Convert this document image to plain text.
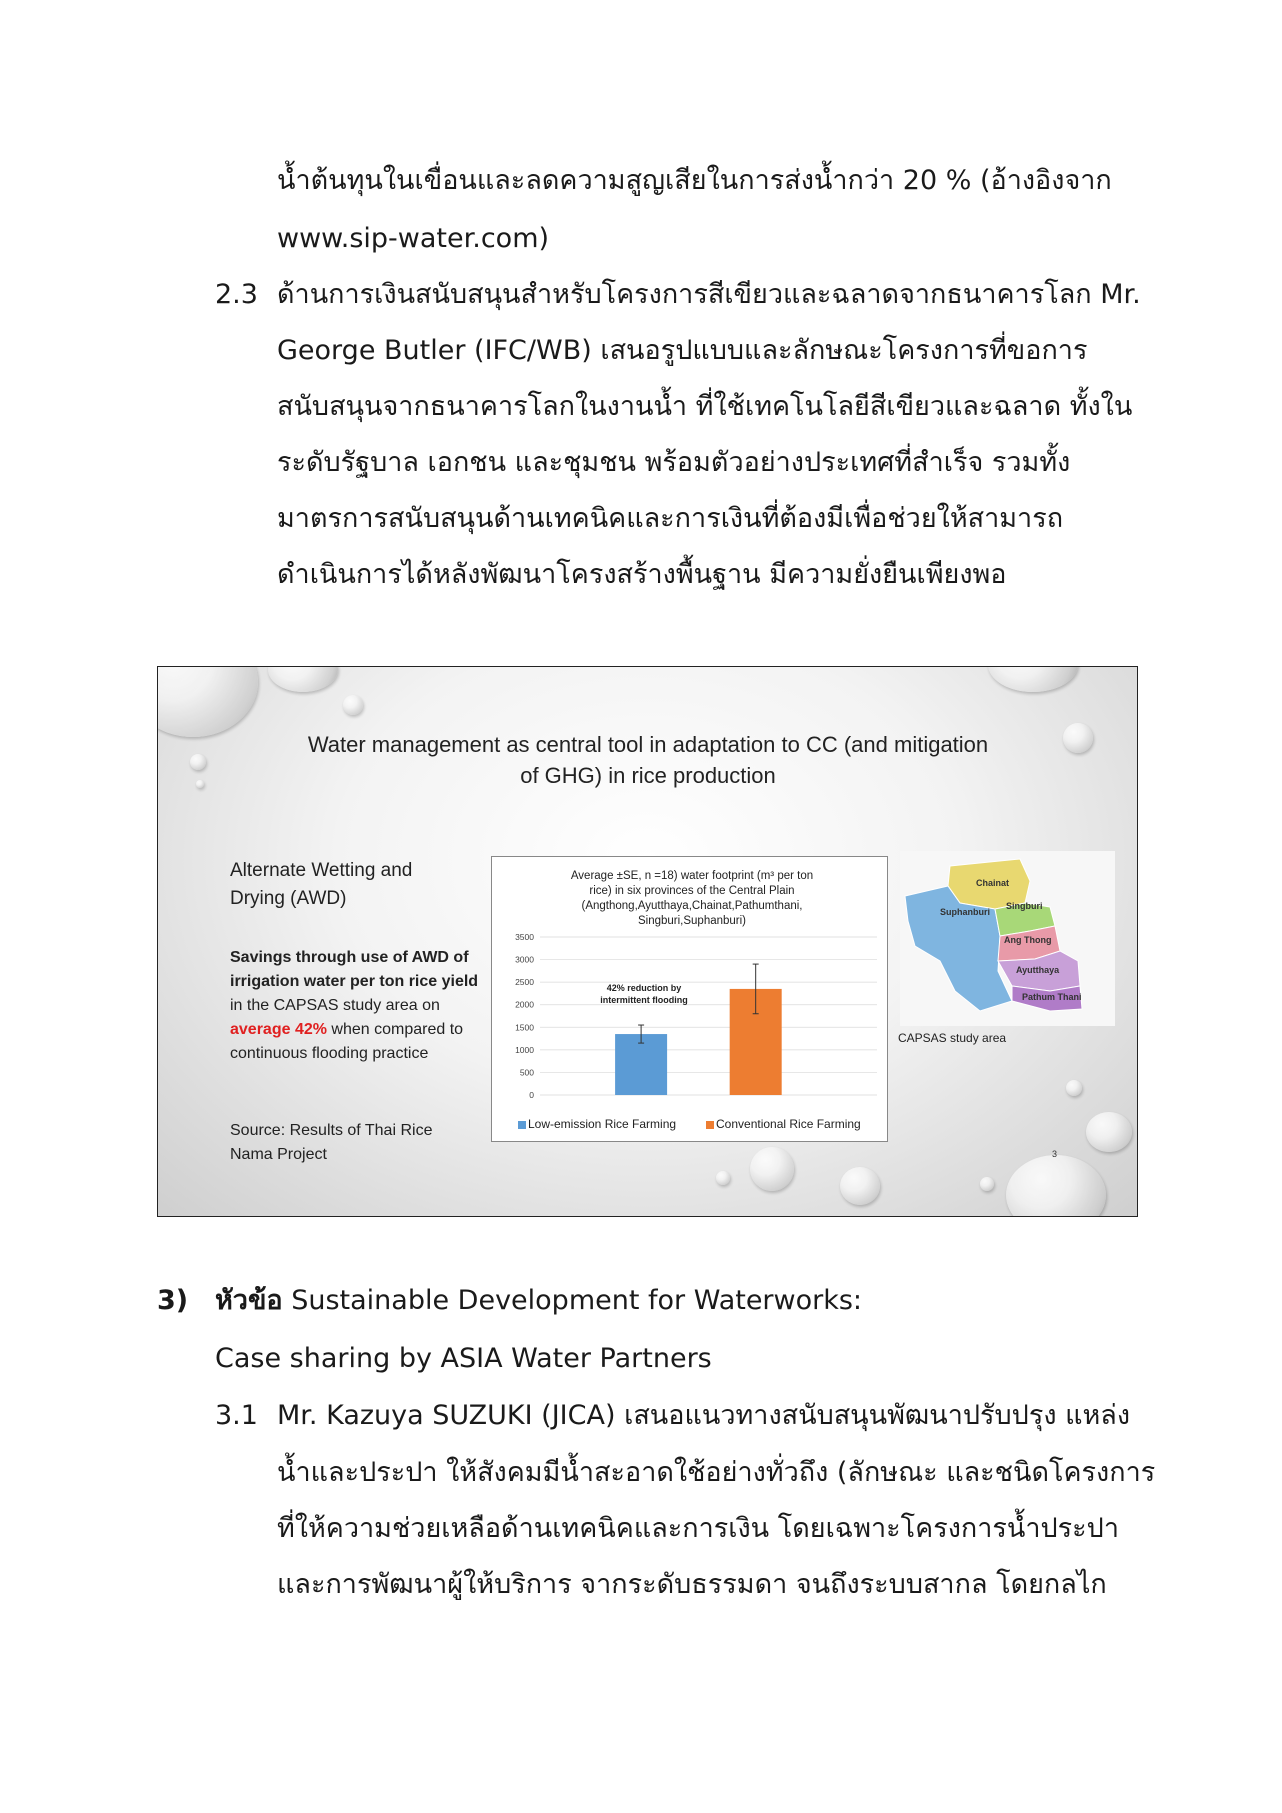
น้ำต้นทุนในเขื่อนและลดความสูญเสียในการส่งน้ำกว่า 20 % (อ้างอิงจาก
www.sip-water.com)
2.3 ด้านการเงินสนับสนุนสำหรับโครงการสีเขียวและฉลาดจากธนาคารโลก Mr.
George Butler (IFC/WB) เสนอรูปแบบและลักษณะโครงการที่ขอการ
สนับสนุนจากธนาคารโลกในงานน้ำ ที่ใช้เทคโนโลยีสีเขียวและฉลาด ทั้งใน
ระดับรัฐบาล เอกชน และชุมชน พร้อมตัวอย่างประเทศที่สำเร็จ รวมทั้ง
มาตรการสนับสนุนด้านเทคนิคและการเงินที่ต้องมีเพื่อช่วยให้สามารถ
ดำเนินการได้หลังพัฒนาโครงสร้างพื้นฐาน มีความยั่งยืนเพียงพอ
Water management as central tool in adaptation to CC (and mitigation
of GHG) in rice production
Alternate Wetting and
Drying (AWD)
Savings through use of AWD of irrigation water per ton rice yield in the CAPSAS study area on average 42% when compared to continuous flooding practice
Source: Results of Thai Rice
Nama Project
Average ±SE, n =18) water footprint (m³ per ton
rice) in six provinces of the Central Plain
(Angthong,Ayutthaya,Chainat,Pathumthani,
Singburi,Suphanburi)
0
500
1000
1500
2000
2500
3000
3500
42% reduction by
intermittent flooding
Low-emission Rice Farming	Conventional Rice Farming
Chainat
Suphanburi
Singburi
Ang Thong
Ayutthaya
Pathum Thani
CAPSAS study area
3
3) หัวข้อ Sustainable Development for Waterworks:
Case sharing by ASIA Water Partners
3.1 Mr. Kazuya SUZUKI (JICA) เสนอแนวทางสนับสนุนพัฒนาปรับปรุง แหล่ง
น้ำและประปา ให้สังคมมีน้ำสะอาดใช้อย่างทั่วถึง (ลักษณะ และชนิดโครงการ
ที่ให้ความช่วยเหลือด้านเทคนิคและการเงิน โดยเฉพาะโครงการน้ำประปา
และการพัฒนาผู้ให้บริการ จากระดับธรรมดา จนถึงระบบสากล โดยกลไก
